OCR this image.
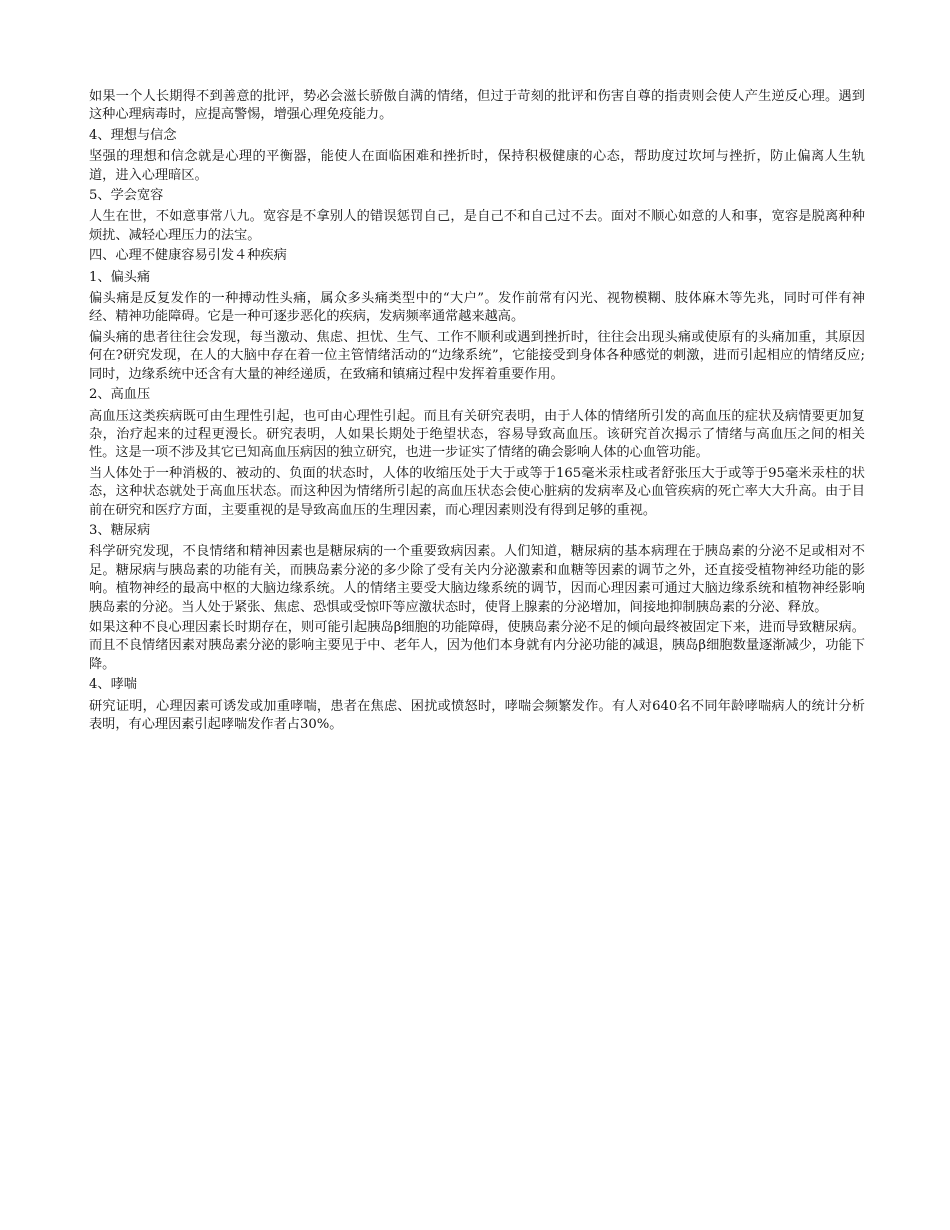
如果一个人长期得不到善意的批评，势必会滋长骄傲自满的情绪，但过于苛刻的批评和伤害自尊的指责则会使人产生逆反心理。遇到这种心理病毒时，应提高警惕，增强心理免疫能力。

4、理想与信念

坚强的理想和信念就是心理的平衡器，能使人在面临困难和挫折时，保持积极健康的心态，帮助度过坎坷与挫折，防止偏离人生轨道，进入心理暗区。

5、学会宽容

人生在世，不如意事常八九。宽容是不拿别人的错误惩罚自己，是自己不和自己过不去。面对不顺心如意的人和事，宽容是脱离种种烦扰、减轻心理压力的法宝。

四、心理不健康容易引发４种疾病

1、偏头痛

偏头痛是反复发作的一种搏动性头痛，属众多头痛类型中的“大户”。发作前常有闪光、视物模糊、肢体麻木等先兆，同时可伴有神经、精神功能障碍。它是一种可逐步恶化的疾病，发病频率通常越来越高。

偏头痛的患者往往会发现，每当激动、焦虑、担忧、生气、工作不顺利或遇到挫折时，往往会出现头痛或使原有的头痛加重，其原因何在?研究发现，在人的大脑中存在着一位主管情绪活动的“边缘系统”，它能接受到身体各种感觉的刺激，进而引起相应的情绪反应;同时，边缘系统中还含有大量的神经递质，在致痛和镇痛过程中发挥着重要作用。

2、高血压

高血压这类疾病既可由生理性引起，也可由心理性引起。而且有关研究表明，由于人体的情绪所引发的高血压的症状及病情要更加复杂，治疗起来的过程更漫长。研究表明，人如果长期处于绝望状态，容易导致高血压。该研究首次揭示了情绪与高血压之间的相关性。这是一项不涉及其它已知高血压病因的独立研究，也进一步证实了情绪的确会影响人体的心血管功能。

当人体处于一种消极的、被动的、负面的状态时，人体的收缩压处于大于或等于165毫米汞柱或者舒张压大于或等于95毫米汞柱的状态，这种状态就处于高血压状态。而这种因为情绪所引起的高血压状态会使心脏病的发病率及心血管疾病的死亡率大大升高。由于目前在研究和医疗方面，主要重视的是导致高血压的生理因素，而心理因素则没有得到足够的重视。

3、糖尿病

科学研究发现，不良情绪和精神因素也是糖尿病的一个重要致病因素。人们知道，糖尿病的基本病理在于胰岛素的分泌不足或相对不足。糖尿病与胰岛素的功能有关，而胰岛素分泌的多少除了受有关内分泌激素和血糖等因素的调节之外，还直接受植物神经功能的影响。植物神经的最高中枢的大脑边缘系统。人的情绪主要受大脑边缘系统的调节，因而心理因素可通过大脑边缘系统和植物神经影响胰岛素的分泌。当人处于紧张、焦虑、恐惧或受惊吓等应激状态时，使肾上腺素的分泌增加，间接地抑制胰岛素的分泌、释放。

如果这种不良心理因素长时期存在，则可能引起胰岛β细胞的功能障碍，使胰岛素分泌不足的倾向最终被固定下来，进而导致糖尿病。而且不良情绪因素对胰岛素分泌的影响主要见于中、老年人，因为他们本身就有内分泌功能的减退，胰岛β细胞数量逐渐减少，功能下降。

4、哮喘

研究证明，心理因素可诱发或加重哮喘，患者在焦虑、困扰或愤怒时，哮喘会频繁发作。有人对640名不同年龄哮喘病人的统计分析表明，有心理因素引起哮喘发作者占30%。
